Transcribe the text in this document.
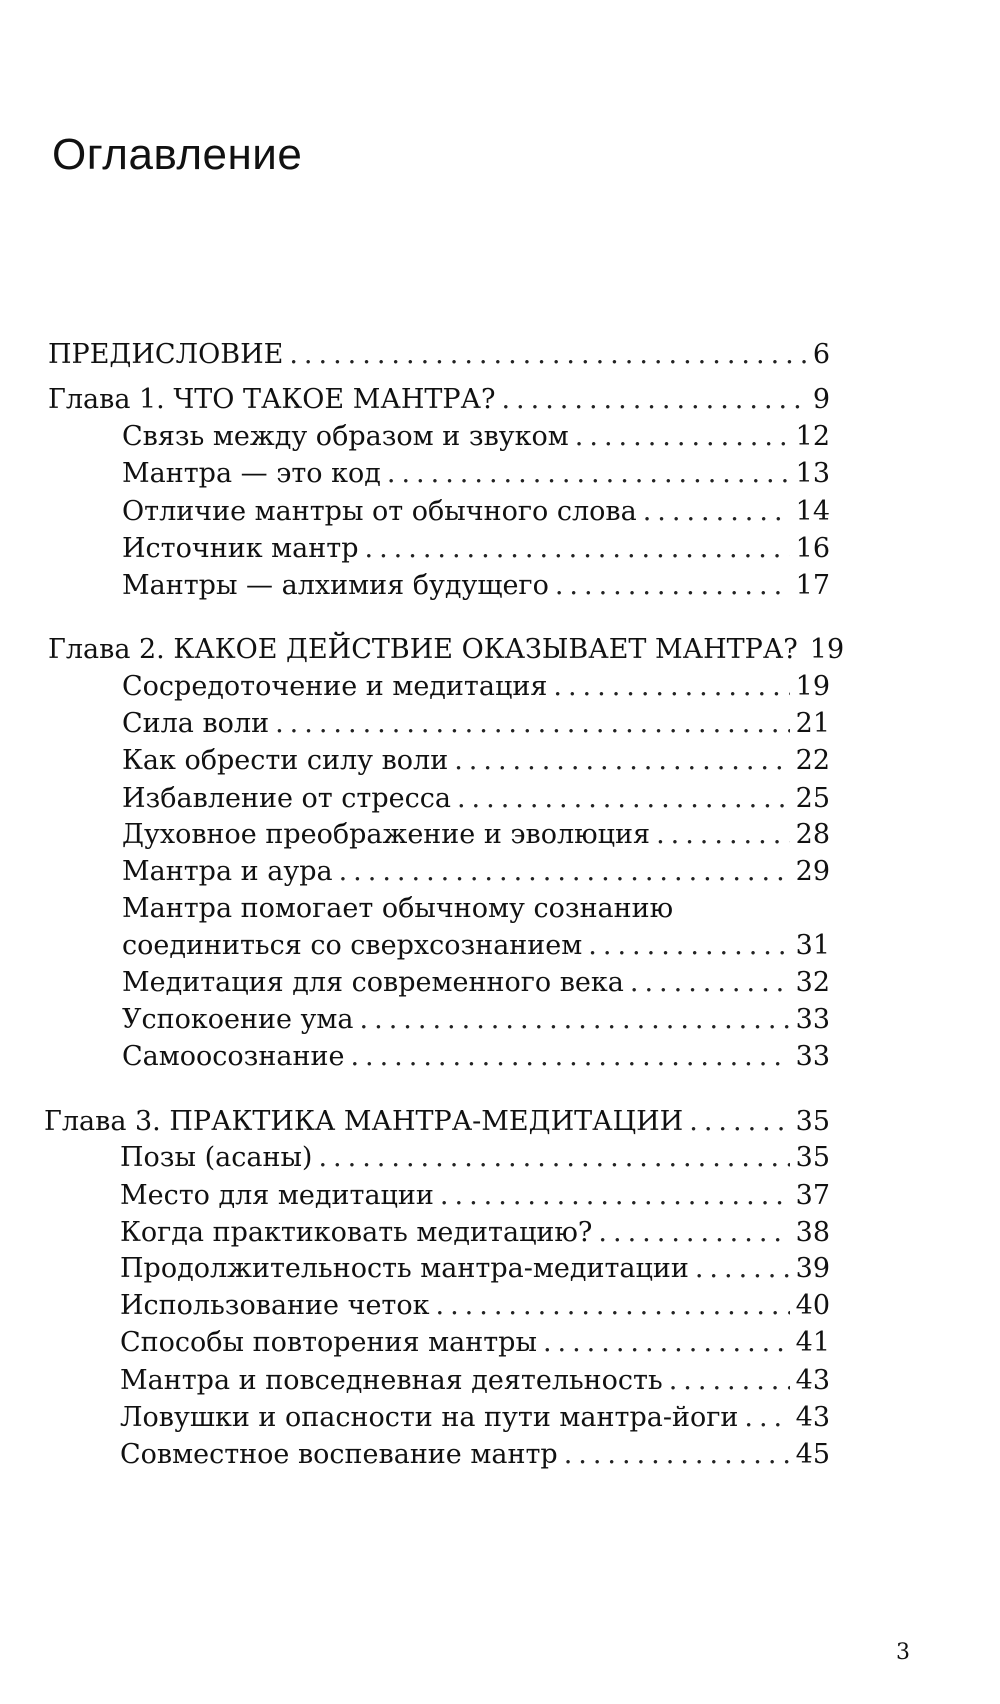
Оглавление
ПРЕДИСЛОВИЕ .....	6
Глава 1. ЧТО ТАКОЕ МАНТРА? .....	9
Связь между образом и звуком .....	12
Мантра — это код .....	13
Отличие мантры от обычного слова .....	14
Источник мантр .....	16
Мантры — алхимия будущего .....	17
Глава 2. КАКОЕ ДЕЙСТВИЕ ОКАЗЫВАЕТ МАНТРА? 19
Сосредоточение и медитация .....	19
Сила воли .....	21
Как обрести силу воли .....	22
Избавление от стресса .....	25
Духовное преображение и эволюция .....	28
Мантра и аура .....	29
Мантра помогает обычному сознанию
соединиться со сверхсознанием .....	31
Медитация для современного века .....	32
Успокоение ума .....	33
Самоосознание .....	33
Глава 3. ПРАКТИКА МАНТРА-МЕДИТАЦИИ .....	35
Позы (асаны) .....	35
Место для медитации .....	37
Когда практиковать медитацию? .....	38
Продолжительность мантра-медитации .....	39
Использование четок .....	40
Способы повторения мантры .....	41
Мантра и повседневная деятельность .....	43
Ловушки и опасности на пути мантра-йоги ..... 43
Совместное воспевание мантр .....	45
3
